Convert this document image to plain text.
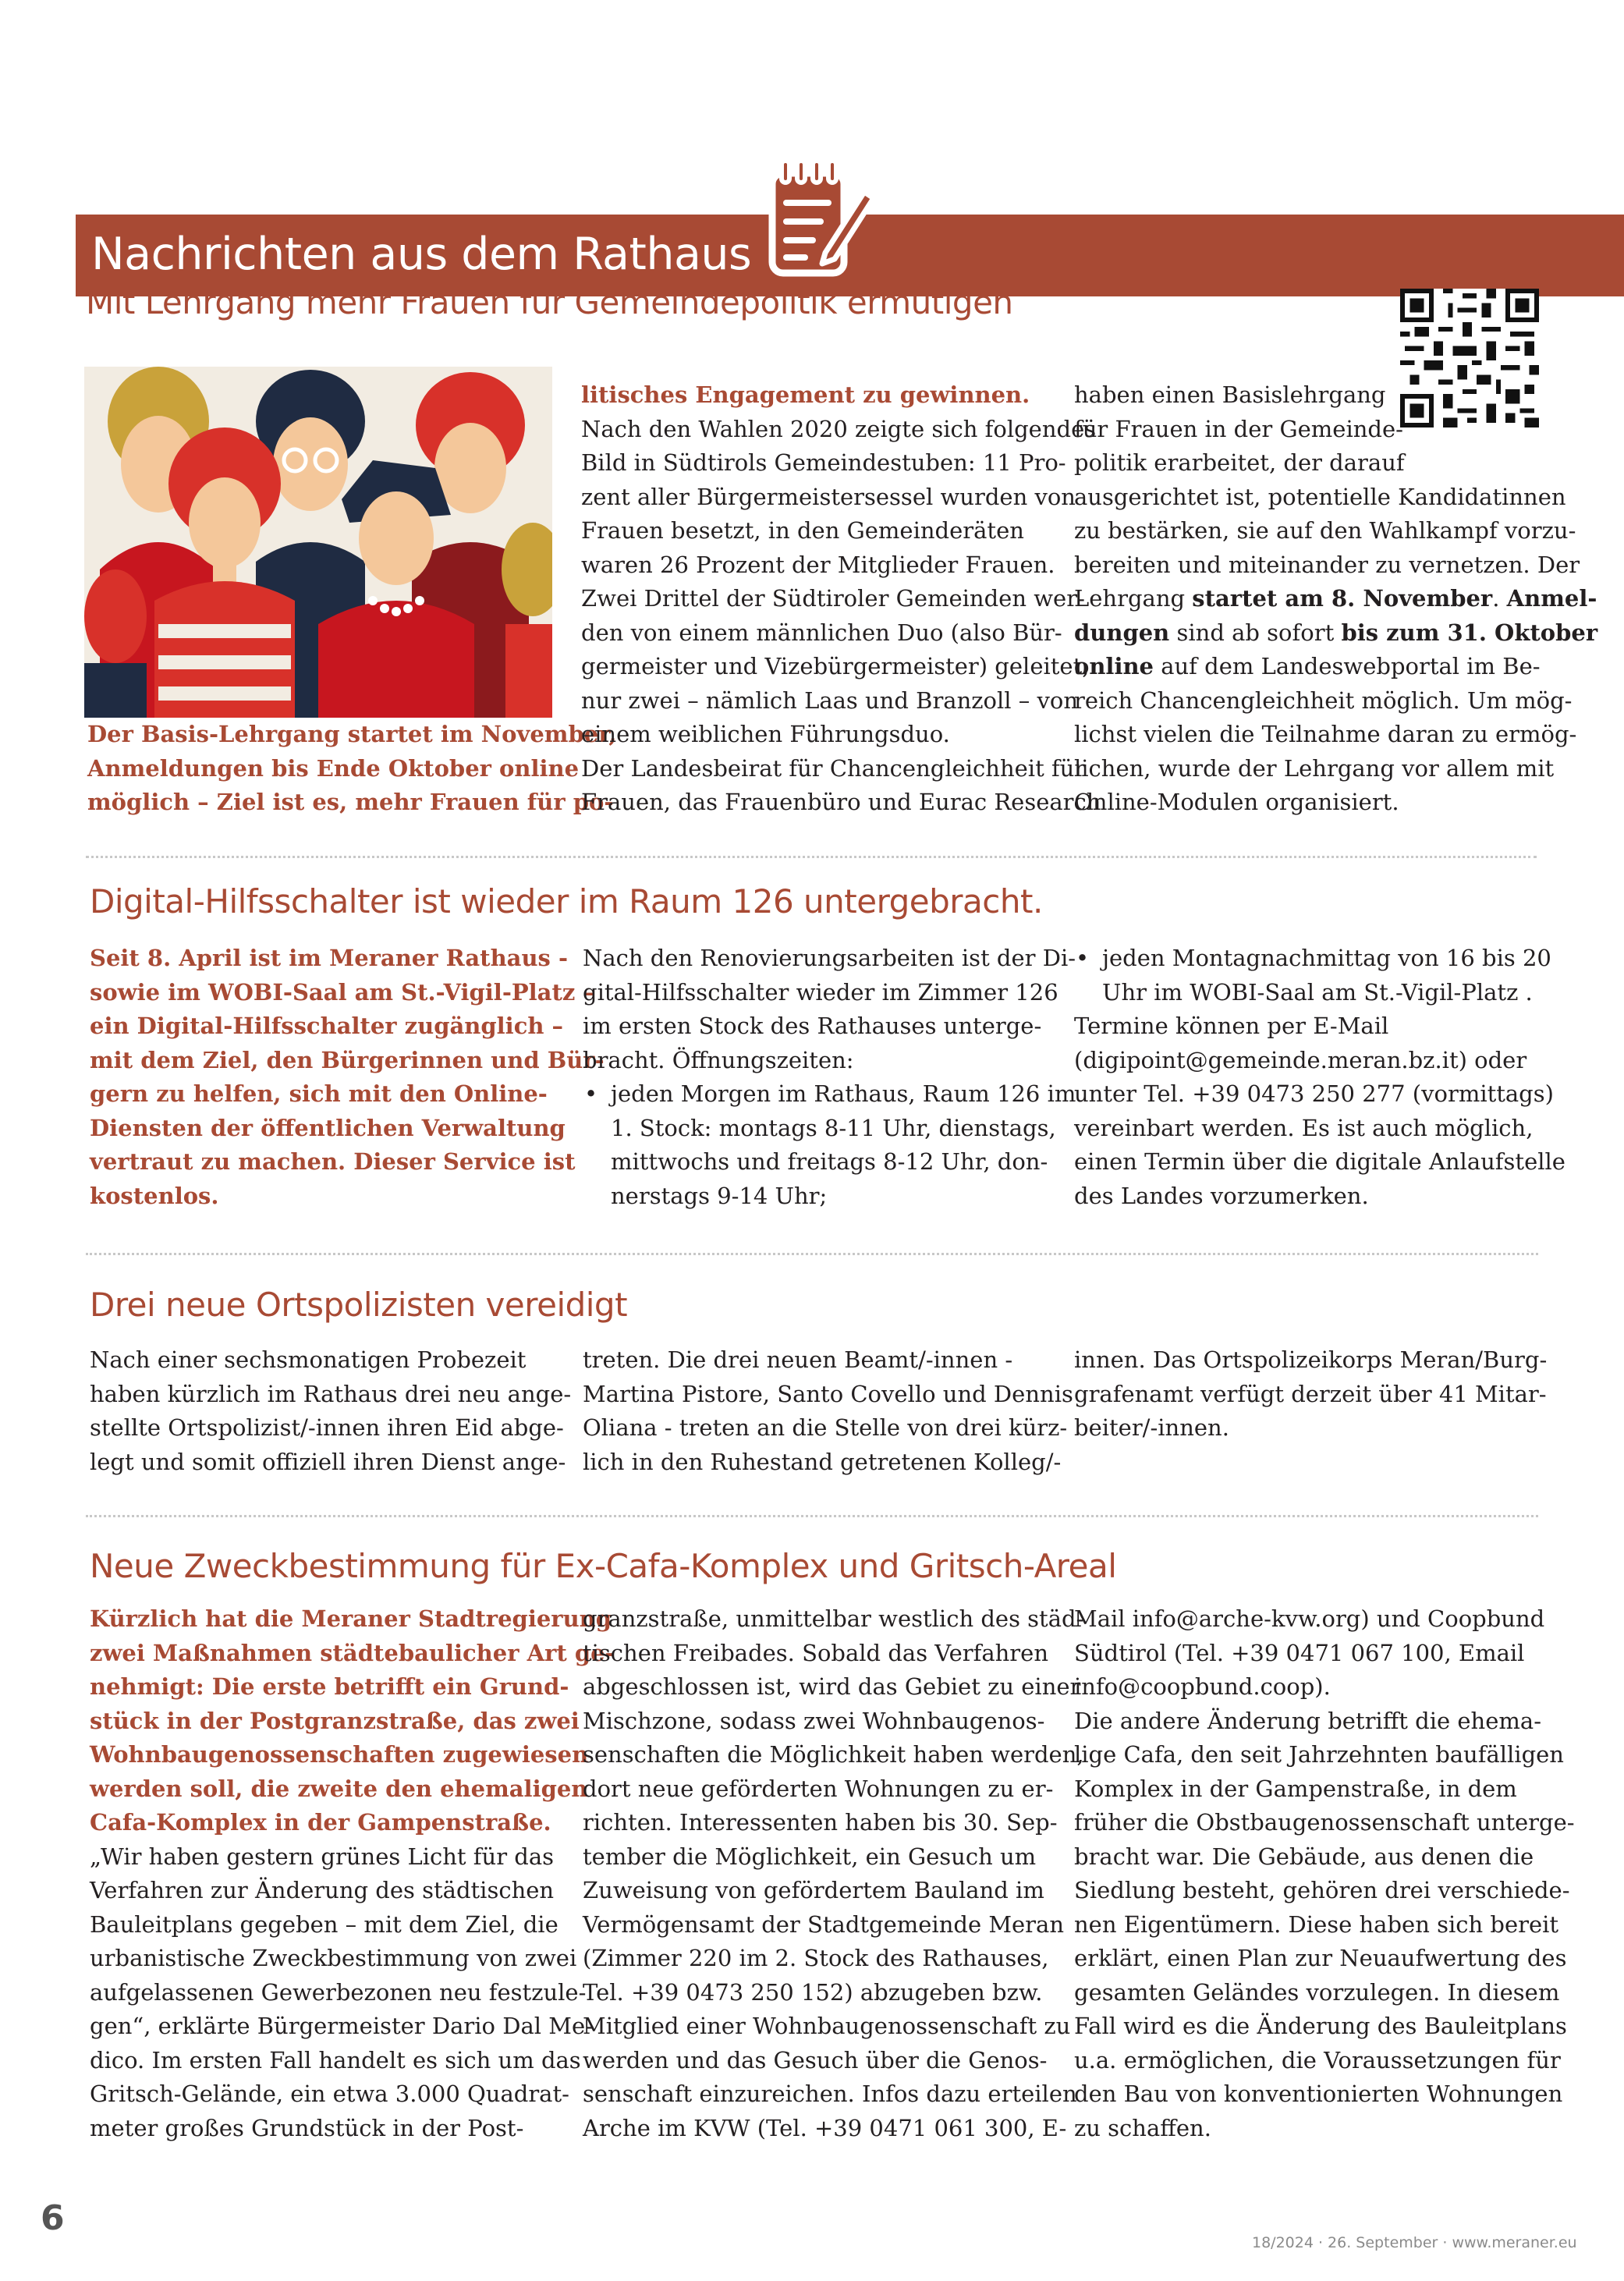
Nachrichten aus dem Rathaus
Mit Lehrgang mehr Frauen für Gemeindepolitik ermutigen
Der Basis-Lehrgang startet im November,
Anmeldungen bis Ende Oktober online
möglich – Ziel ist es, mehr Frauen für po-
litisches Engagement zu gewinnen.
Nach den Wahlen 2020 zeigte sich folgendes
Bild in Südtirols Gemeindestuben: 11 Pro-
zent aller Bürgermeistersessel wurden von
Frauen besetzt, in den Gemeinderäten
waren 26 Prozent der Mitglieder Frauen.
Zwei Drittel der Südtiroler Gemeinden wer-
den von einem männlichen Duo (also Bür-
germeister und Vizebürgermeister) geleitet,
nur zwei – nämlich Laas und Branzoll – von
einem weiblichen Führungsduo.
Der Landesbeirat für Chancengleichheit für
Frauen, das Frauenbüro und Eurac Research
haben einen Basislehrgang
für Frauen in der Gemeinde-
politik erarbeitet, der darauf
ausgerichtet ist, potentielle Kandidatinnen
zu bestärken, sie auf den Wahlkampf vorzu-
bereiten und miteinander zu vernetzen. Der
Lehrgang startet am 8. November. Anmel-
dungen sind ab sofort bis zum 31. Oktober
online auf dem Landeswebportal im Be-
reich Chancengleichheit möglich. Um mög-
lichst vielen die Teilnahme daran zu ermög-
lichen, wurde der Lehrgang vor allem mit
Online-Modulen organisiert.
Digital-Hilfsschalter ist wieder im Raum 126 untergebracht.
Seit 8. April ist im Meraner Rathaus -
sowie im WOBI-Saal am St.-Vigil-Platz –
ein Digital-Hilfsschalter zugänglich –
mit dem Ziel, den Bürgerinnen und Bür-
gern zu helfen, sich mit den Online-
Diensten der öffentlichen Verwaltung
vertraut zu machen. Dieser Service ist
kostenlos.
Nach den Renovierungsarbeiten ist der Di-
gital-Hilfsschalter wieder im Zimmer 126
im ersten Stock des Rathauses unterge-
bracht. Öffnungszeiten:
• jeden Morgen im Rathaus, Raum 126 im
1. Stock: montags 8-11 Uhr, dienstags,
mittwochs und freitags 8-12 Uhr, don-
nerstags 9-14 Uhr;
• jeden Montagnachmittag von 16 bis 20
Uhr im WOBI-Saal am St.-Vigil-Platz .
Termine können per E-Mail
(digipoint@gemeinde.meran.bz.it) oder
unter Tel. +39 0473 250 277 (vormittags)
vereinbart werden. Es ist auch möglich,
einen Termin über die digitale Anlaufstelle
des Landes vorzumerken.
Drei neue Ortspolizisten vereidigt
Nach einer sechsmonatigen Probezeit
haben kürzlich im Rathaus drei neu ange-
stellte Ortspolizist/-innen ihren Eid abge-
legt und somit offiziell ihren Dienst ange-
treten. Die drei neuen Beamt/-innen -
Martina Pistore, Santo Covello und Dennis
Oliana - treten an die Stelle von drei kürz-
lich in den Ruhestand getretenen Kolleg/-
innen. Das Ortspolizeikorps Meran/Burg-
grafenamt verfügt derzeit über 41 Mitar-
beiter/-innen.
Neue Zweckbestimmung für Ex-Cafa-Komplex und Gritsch-Areal
Kürzlich hat die Meraner Stadtregierung
zwei Maßnahmen städtebaulicher Art ge-
nehmigt: Die erste betrifft ein Grund-
stück in der Postgranzstraße, das zwei
Wohnbaugenossenschaften zugewiesen
werden soll, die zweite den ehemaligen
Cafa-Komplex in der Gampenstraße.
„Wir haben gestern grünes Licht für das
Verfahren zur Änderung des städtischen
Bauleitplans gegeben – mit dem Ziel, die
urbanistische Zweckbestimmung von zwei
aufgelassenen Gewerbezonen neu festzule-
gen“, erklärte Bürgermeister Dario Dal Me-
dico. Im ersten Fall handelt es sich um das
Gritsch-Gelände, ein etwa 3.000 Quadrat-
meter großes Grundstück in der Post-
granzstraße, unmittelbar westlich des städ-
tischen Freibades. Sobald das Verfahren
abgeschlossen ist, wird das Gebiet zu einer
Mischzone, sodass zwei Wohnbaugenos-
senschaften die Möglichkeit haben werden,
dort neue geförderten Wohnungen zu er-
richten. Interessenten haben bis 30. Sep-
tember die Möglichkeit, ein Gesuch um
Zuweisung von gefördertem Bauland im
Vermögensamt der Stadtgemeinde Meran
(Zimmer 220 im 2. Stock des Rathauses,
Tel. +39 0473 250 152) abzugeben bzw.
Mitglied einer Wohnbaugenossenschaft zu
werden und das Gesuch über die Genos-
senschaft einzureichen. Infos dazu erteilen
Arche im KVW (Tel. +39 0471 061 300, E-
Mail info@arche-kvw.org) und Coopbund
Südtirol (Tel. +39 0471 067 100, Email
info@coopbund.coop).
Die andere Änderung betrifft die ehema-
lige Cafa, den seit Jahrzehnten baufälligen
Komplex in der Gampenstraße, in dem
früher die Obstbaugenossenschaft unterge-
bracht war. Die Gebäude, aus denen die
Siedlung besteht, gehören drei verschiede-
nen Eigentümern. Diese haben sich bereit
erklärt, einen Plan zur Neuaufwertung des
gesamten Geländes vorzulegen. In diesem
Fall wird es die Änderung des Bauleitplans
u.a. ermöglichen, die Voraussetzungen für
den Bau von konventionierten Wohnungen
zu schaffen.
6
18/2024 · 26. September · www.meraner.eu
